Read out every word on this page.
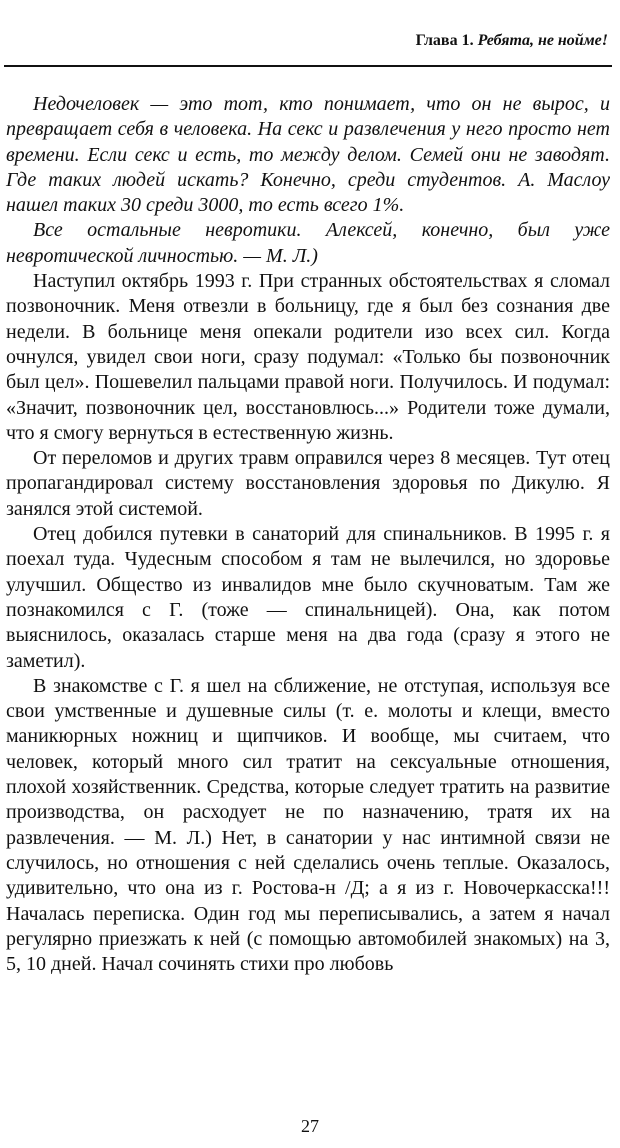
Глава 1. Ребята, не ноймe!

Недочеловек — это тот, кто понимает, что он не вырос, и превращает себя в человека. На секс и развлечения у него просто нет времени. Если секс и есть, то между делом. Семей они не заводят. Где таких людей искать? Конечно, среди студентов. А. Маслоу нашел таких 30 среди 3000, то есть всего 1%.

Все остальные невротики. Алексей, конечно, был уже невротической личностью. — М. Л.)

Наступил октябрь 1993 г. При странных обстоятельствах я сломал позвоночник. Меня отвезли в больницу, где я был без сознания две недели. В больнице меня опекали родители изо всех сил. Когда очнулся, увидел свои ноги, сразу подумал: «Только бы позвоночник был цел». Пошевелил пальцами правой ноги. Получилось. И подумал: «Значит, позвоночник цел, восстановлюсь...» Родители тоже думали, что я смогу вернуться в естественную жизнь.

От переломов и других травм оправился через 8 месяцев. Тут отец пропагандировал систему восстановления здоровья по Дикулю. Я занялся этой системой.

Отец добился путевки в санаторий для спинальников. В 1995 г. я поехал туда. Чудесным способом я там не вылечился, но здоровье улучшил. Общество из инвалидов мне было скучноватым. Там же познакомился с Г. (тоже — спинальницей). Она, как потом выяснилось, оказалась старше меня на два года (сразу я этого не заметил).

В знакомстве с Г. я шел на сближение, не отступая, используя все свои умственные и душевные силы (т. е. молоты и клещи, вместо маникюрных ножниц и щипчиков. И вообще, мы считаем, что человек, который много сил тратит на сексуальные отношения, плохой хозяйственник. Средства, которые следует тратить на развитие производства, он расходует не по назначению, тратя их на развлечения. — М. Л.) Нет, в санатории у нас интимной связи не случилось, но отношения с ней сделались очень теплые. Оказалось, удивительно, что она из г. Ростова-н /Д; а я из г. Новочеркасска!!! Началась переписка. Один год мы переписывались, а затем я начал регулярно приезжать к ней (с помощью автомобилей знакомых) на 3, 5, 10 дней. Начал сочинять стихи про любовь

27
